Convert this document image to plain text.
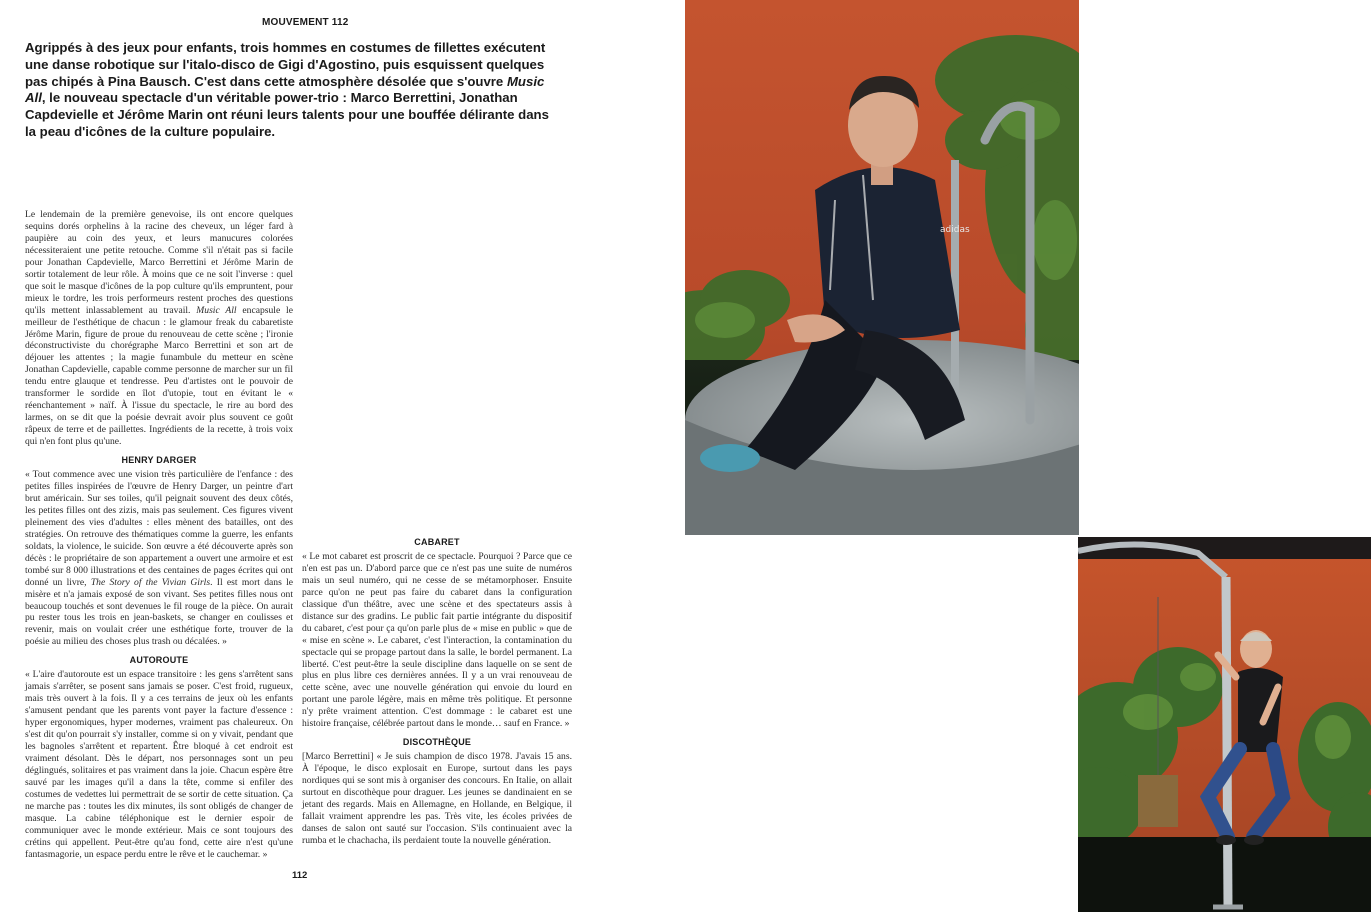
MOUVEMENT 112

Agrippés à des jeux pour enfants, trois hommes en costumes de fillettes exécutent une danse robotique sur l'italo-disco de Gigi d'Agostino, puis esquissent quelques pas chipés à Pina Bausch. C'est dans cette atmosphère désolée que s'ouvre Music All, le nouveau spectacle d'un véritable power-trio : Marco Berrettini, Jonathan Capdevielle et Jérôme Marin ont réuni leurs talents pour une bouffée délirante dans la peau d'icônes de la culture populaire.

Le lendemain de la première genevoise, ils ont encore quelques sequins dorés orphelins à la racine des cheveux, un léger fard à paupière au coin des yeux, et leurs manucures colorées nécessiteraient une petite retouche. Comme s'il n'était pas si facile pour Jonathan Capdevielle, Marco Berrettini et Jérôme Marin de sortir totalement de leur rôle. À moins que ce ne soit l'inverse : quel que soit le masque d'icônes de la pop culture qu'ils empruntent, pour mieux le tordre, les trois performeurs restent proches des questions qu'ils mettent inlassablement au travail. Music All encapsule le meilleur de l'esthétique de chacun : le glamour freak du cabaretiste Jérôme Marin, figure de proue du renouveau de cette scène ; l'ironie déconstructiviste du chorégraphe Marco Berrettini et son art de déjouer les attentes ; la magie funambule du metteur en scène Jonathan Capdevielle, capable comme personne de marcher sur un fil tendu entre glauque et tendresse. Peu d'artistes ont le pouvoir de transformer le sordide en îlot d'utopie, tout en évitant le « réenchantement » naïf. À l'issue du spectacle, le rire au bord des larmes, on se dit que la poésie devrait avoir plus souvent ce goût râpeux de terre et de paillettes. Ingrédients de la recette, à trois voix qui n'en font plus qu'une.

HENRY DARGER

« Tout commence avec une vision très particulière de l'enfance : des petites filles inspirées de l'œuvre de Henry Darger, un peintre d'art brut américain. Sur ses toiles, qu'il peignait souvent des deux côtés, les petites filles ont des zizis, mais pas seulement. Ces figures vivent pleinement des vies d'adultes : elles mènent des batailles, ont des stratégies. On retrouve des thématiques comme la guerre, les enfants soldats, la violence, le suicide. Son œuvre a été découverte après son décès : le propriétaire de son appartement a ouvert une armoire et est tombé sur 8 000 illustrations et des centaines de pages écrites qui ont donné un livre, The Story of the Vivian Girls. Il est mort dans le misère et n'a jamais exposé de son vivant. Ses petites filles nous ont beaucoup touchés et sont devenues le fil rouge de la pièce. On aurait pu rester tous les trois en jean-baskets, se changer en coulisses et revenir, mais on voulait créer une esthétique forte, trouver de la poésie au milieu des choses plus trash ou décalées. »

AUTOROUTE

« L'aire d'autoroute est un espace transitoire : les gens s'arrêtent sans jamais s'arrêter, se posent sans jamais se poser. C'est froid, rugueux, mais très ouvert à la fois. Il y a ces terrains de jeux où les enfants s'amusent pendant que les parents vont payer la facture d'essence : hyper ergonomiques, hyper modernes, vraiment pas chaleureux. On s'est dit qu'on pourrait s'y installer, comme si on y vivait, pendant que les bagnoles s'arrêtent et repartent. Être bloqué à cet endroit est vraiment désolant. Dès le départ, nos personnages sont un peu déglingués, solitaires et pas vraiment dans la joie. Chacun espère être sauvé par les images qu'il a dans la tête, comme si enfiler des costumes de vedettes lui permettrait de se sortir de cette situation. Ça ne marche pas : toutes les dix minutes, ils sont obligés de changer de masque. La cabine téléphonique est le dernier espoir de communiquer avec le monde extérieur. Mais ce sont toujours des crétins qui appellent. Peut-être qu'au fond, cette aire n'est qu'une fantasmagorie, un espace perdu entre le rêve et le cauchemar. »

CABARET

« Le mot cabaret est proscrit de ce spectacle. Pourquoi ? Parce que ce n'en est pas un. D'abord parce que ce n'est pas une suite de numéros mais un seul numéro, qui ne cesse de se métamorphoser. Ensuite parce qu'on ne peut pas faire du cabaret dans la configuration classique d'un théâtre, avec une scène et des spectateurs assis à distance sur des gradins. Le public fait partie intégrante du dispositif du cabaret, c'est pour ça qu'on parle plus de « mise en public » que de « mise en scène ». Le cabaret, c'est l'interaction, la contamination du spectacle qui se propage partout dans la salle, le bordel permanent. La liberté. C'est peut-être la seule discipline dans laquelle on se sent de plus en plus libre ces dernières années. Il y a un vrai renouveau de cette scène, avec une nouvelle génération qui envoie du lourd en portant une parole légère, mais en même très politique. Et personne n'y prête vraiment attention. C'est dommage : le cabaret est une histoire française, célébrée partout dans le monde… sauf en France. »

DISCOTHÈQUE

[Marco Berrettini] « Je suis champion de disco 1978. J'avais 15 ans. À l'époque, le disco explosait en Europe, surtout dans les pays nordiques qui se sont mis à organiser des concours. En Italie, on allait surtout en discothèque pour draguer. Les jeunes se dandinaient en se jetant des regards. Mais en Allemagne, en Hollande, en Belgique, il fallait vraiment apprendre les pas. Très vite, les écoles privées de danses de salon ont sauté sur l'occasion. S'ils continuaient avec la rumba et le chachacha, ils perdaient toute la nouvelle génération.

112
adidas
